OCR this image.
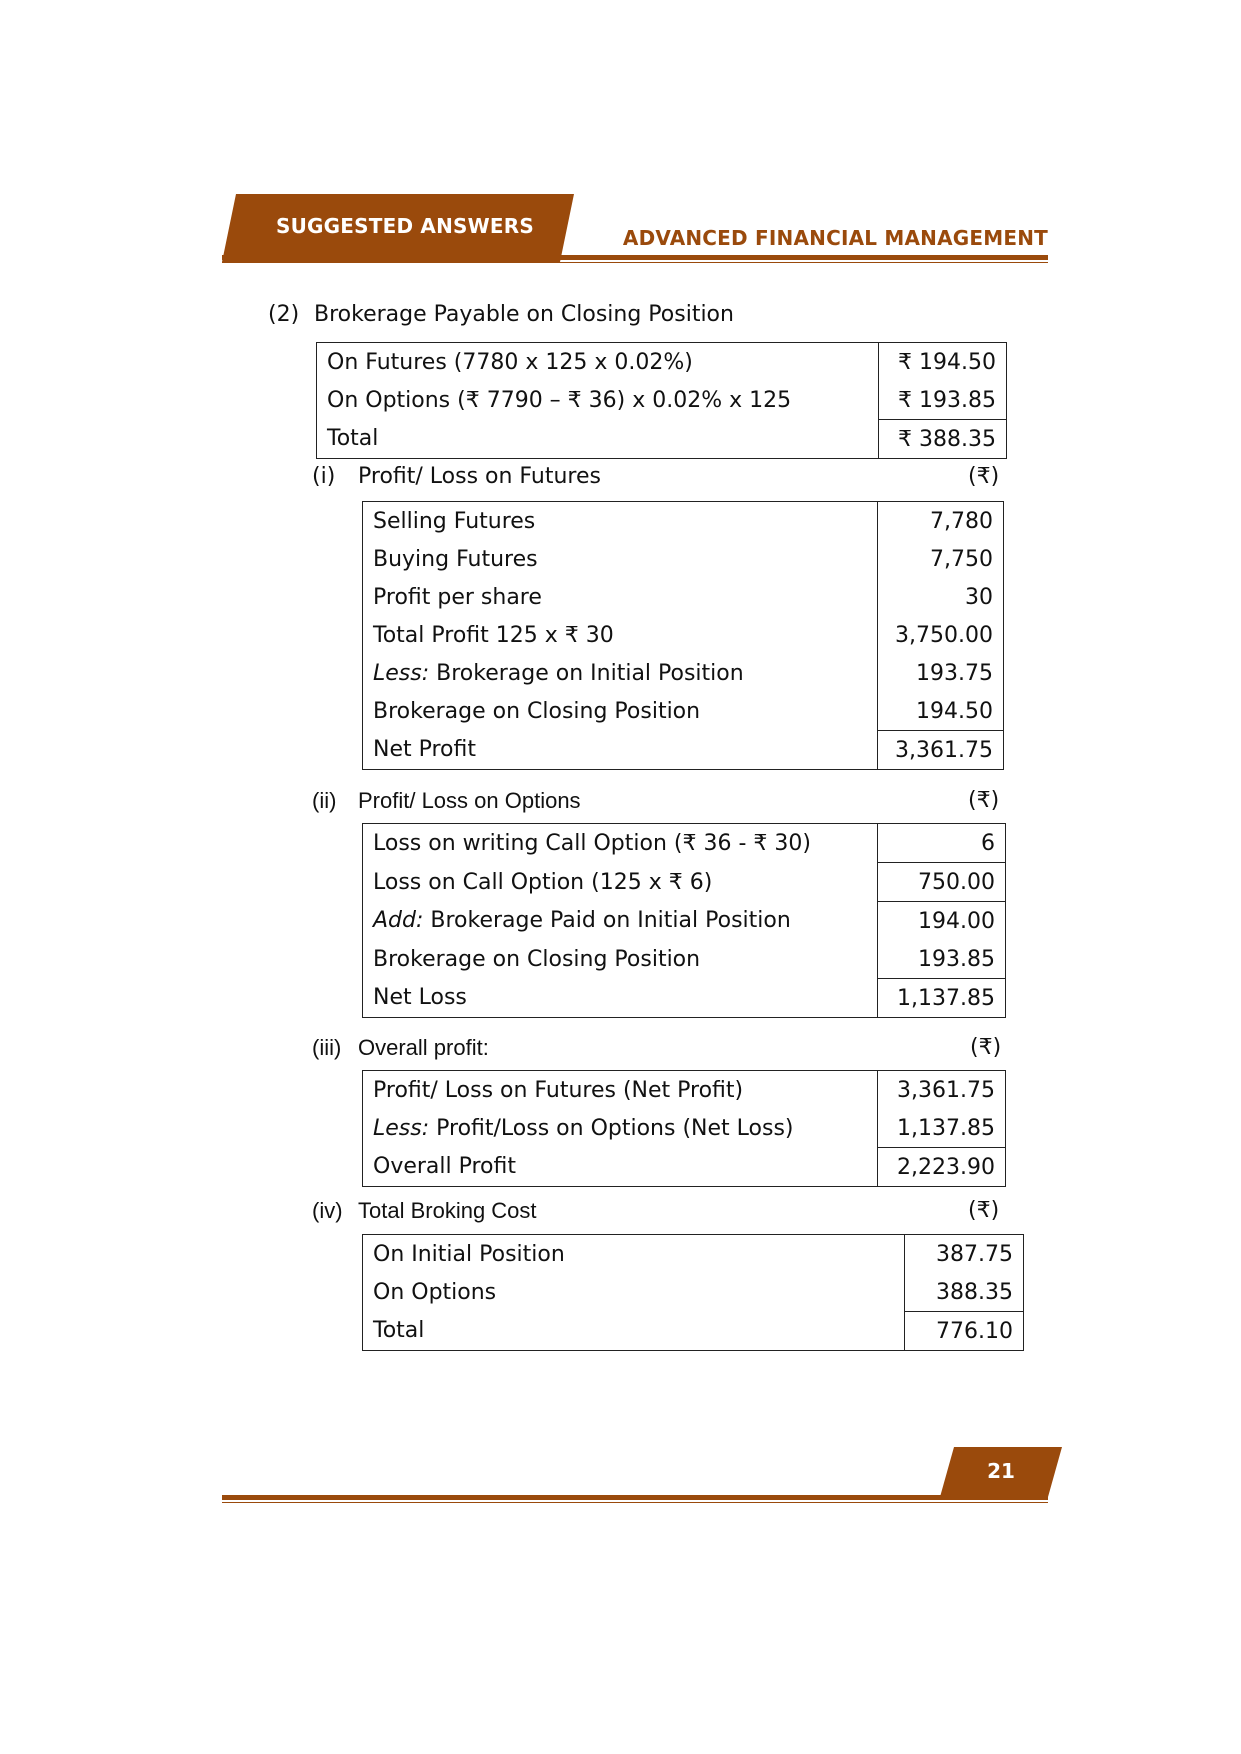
SUGGESTED ANSWERS	ADVANCED FINANCIAL MANAGEMENT
(2) Brokerage Payable on Closing Position
On Futures (7780 x 125 x 0.02%)	₹ 194.50
On Options (₹ 7790 – ₹ 36) x 0.02% x 125	₹ 193.85
Total	₹ 388.35
(i) Profit/ Loss on Futures	(₹)
Selling Futures	7,780
Buying Futures	7,750
Profit per share	30
Total Profit 125 x ₹ 30	3,750.00
Less: Brokerage on Initial Position	193.75
Brokerage on Closing Position	194.50
Net Profit	3,361.75
(ii) Profit/ Loss on Options	(₹)
Loss on writing Call Option (₹ 36 - ₹ 30)	6
Loss on Call Option (125 x ₹ 6)	750.00
Add: Brokerage Paid on Initial Position	194.00
Brokerage on Closing Position	193.85
Net Loss	1,137.85
(iii) Overall profit:	(₹)
Profit/ Loss on Futures (Net Profit)	3,361.75
Less: Profit/Loss on Options (Net Loss)	1,137.85
Overall Profit	2,223.90
(iv) Total Broking Cost	(₹)
On Initial Position	387.75
On Options	388.35
Total	776.10
21
